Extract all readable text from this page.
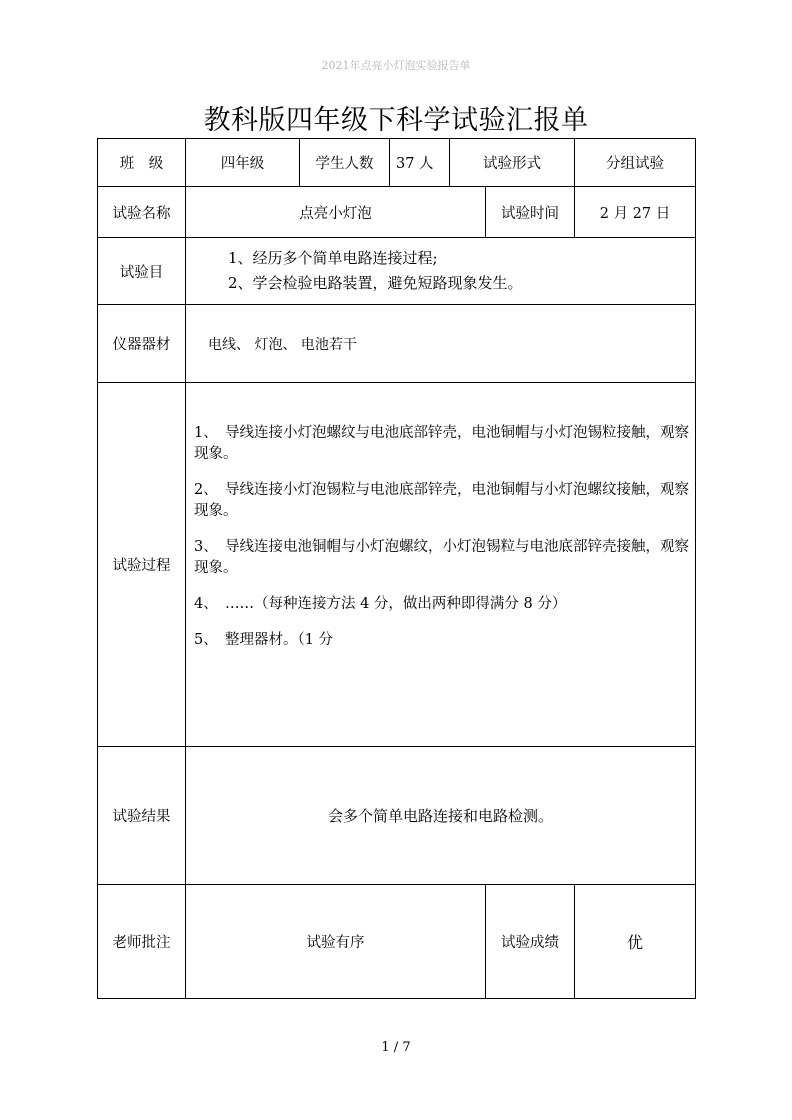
2021年点亮小灯泡实验报告单
教科版四年级下科学试验汇报单
班　级	四年级	学生人数	37 人	试验形式		分组试验
试验名称	点亮小灯泡				试验时间	2 月 27 日
试验目	1、经历多个简单电路连接过程;
2、学会检验电路装置，避免短路现象发生。					

仪器器材	电线、 灯泡、 电池若干					
试验过程	1、　导线连接小灯泡螺纹与电池底部锌壳，电池铜帽与小灯泡锡粒接触，观察现象。

2、　导线连接小灯泡锡粒与电池底部锌壳，电池铜帽与小灯泡螺纹接触，观察现象。

3、　导线连接电池铜帽与小灯泡螺纹，小灯泡锡粒与电池底部锌壳接触，观察现象。

4、　……（每种连接方法 4 分，做出两种即得满分 8 分）

5、　整理器材。（1 分					

试验结果	会多个简单电路连接和电路检测。					
老师批注	试验有序				试验成绩	优
1 / 7
